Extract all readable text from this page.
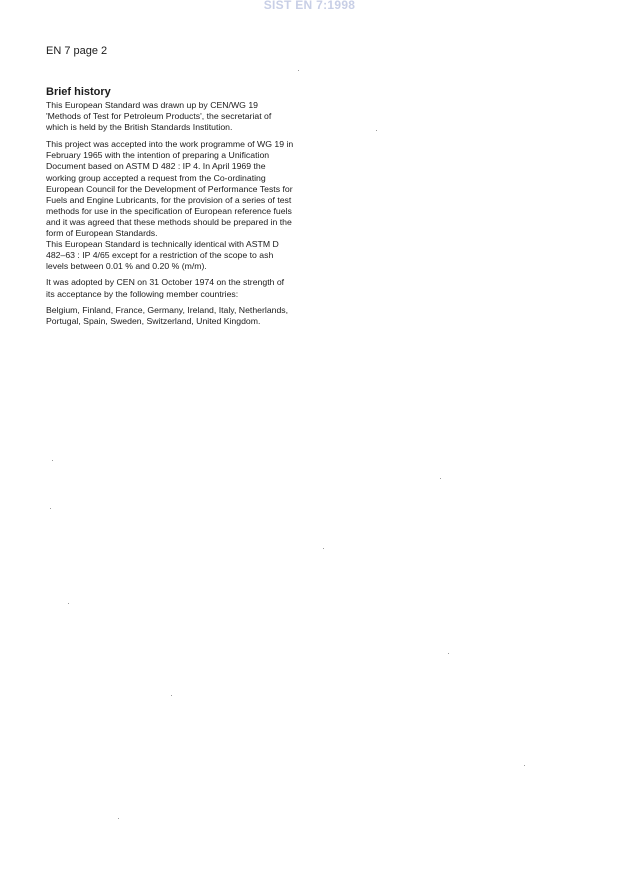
SIST EN 7:1998
EN 7 page 2
Brief history

This European Standard was drawn up by CEN/WG 19 'Methods of Test for Petroleum Products', the secretariat of which is held by the British Standards Institution.

This project was accepted into the work programme of WG 19 in February 1965 with the intention of preparing a Unification Document based on ASTM D 482 : IP 4. In April 1969 the working group accepted a request from the Co-ordinating European Council for the Development of Performance Tests for Fuels and Engine Lubricants, for the provision of a series of test methods for use in the specification of European reference fuels and it was agreed that these methods should be prepared in the form of European Standards.

This European Standard is technically identical with ASTM D 482–63 : IP 4/65 except for a restriction of the scope to ash levels between 0.01 % and 0.20 % (m/m).

It was adopted by CEN on 31 October 1974 on the strength of its acceptance by the following member countries:

Belgium, Finland, France, Germany, Ireland, Italy, Netherlands, Portugal, Spain, Sweden, Switzerland, United Kingdom.
